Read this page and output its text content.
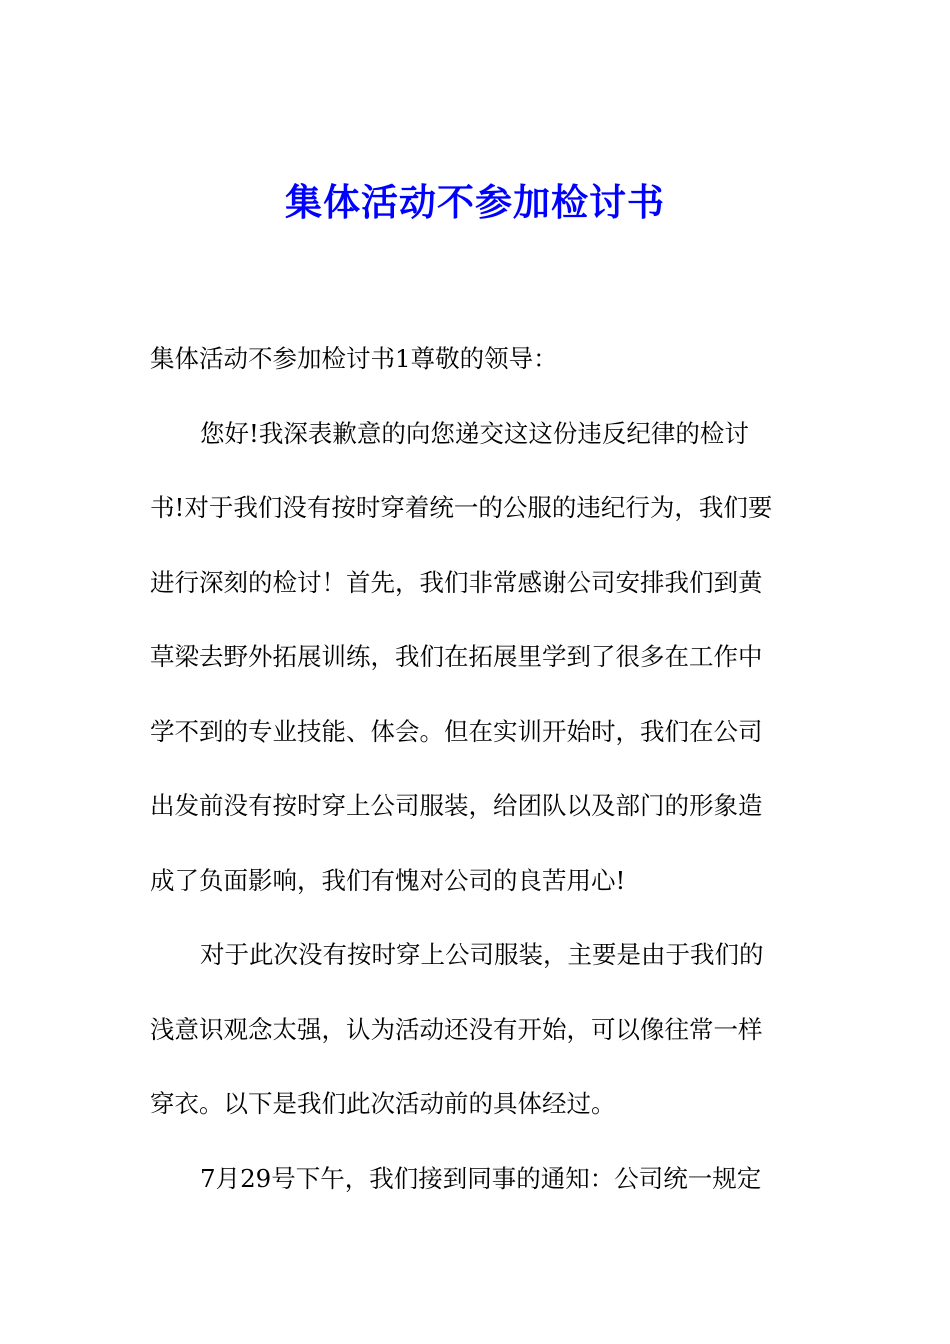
集体活动不参加检讨书
集体活动不参加检讨书1尊敬的领导：
您好!我深表歉意的向您递交这这份违反纪律的检讨
书!对于我们没有按时穿着统一的公服的违纪行为，我们要
进行深刻的检讨！首先，我们非常感谢公司安排我们到黄
草梁去野外拓展训练，我们在拓展里学到了很多在工作中
学不到的专业技能、体会。但在实训开始时，我们在公司
出发前没有按时穿上公司服装，给团队以及部门的形象造
成了负面影响，我们有愧对公司的良苦用心!
对于此次没有按时穿上公司服装，主要是由于我们的
浅意识观念太强，认为活动还没有开始，可以像往常一样
穿衣。以下是我们此次活动前的具体经过。
7月29号下午，我们接到同事的通知：公司统一规定
